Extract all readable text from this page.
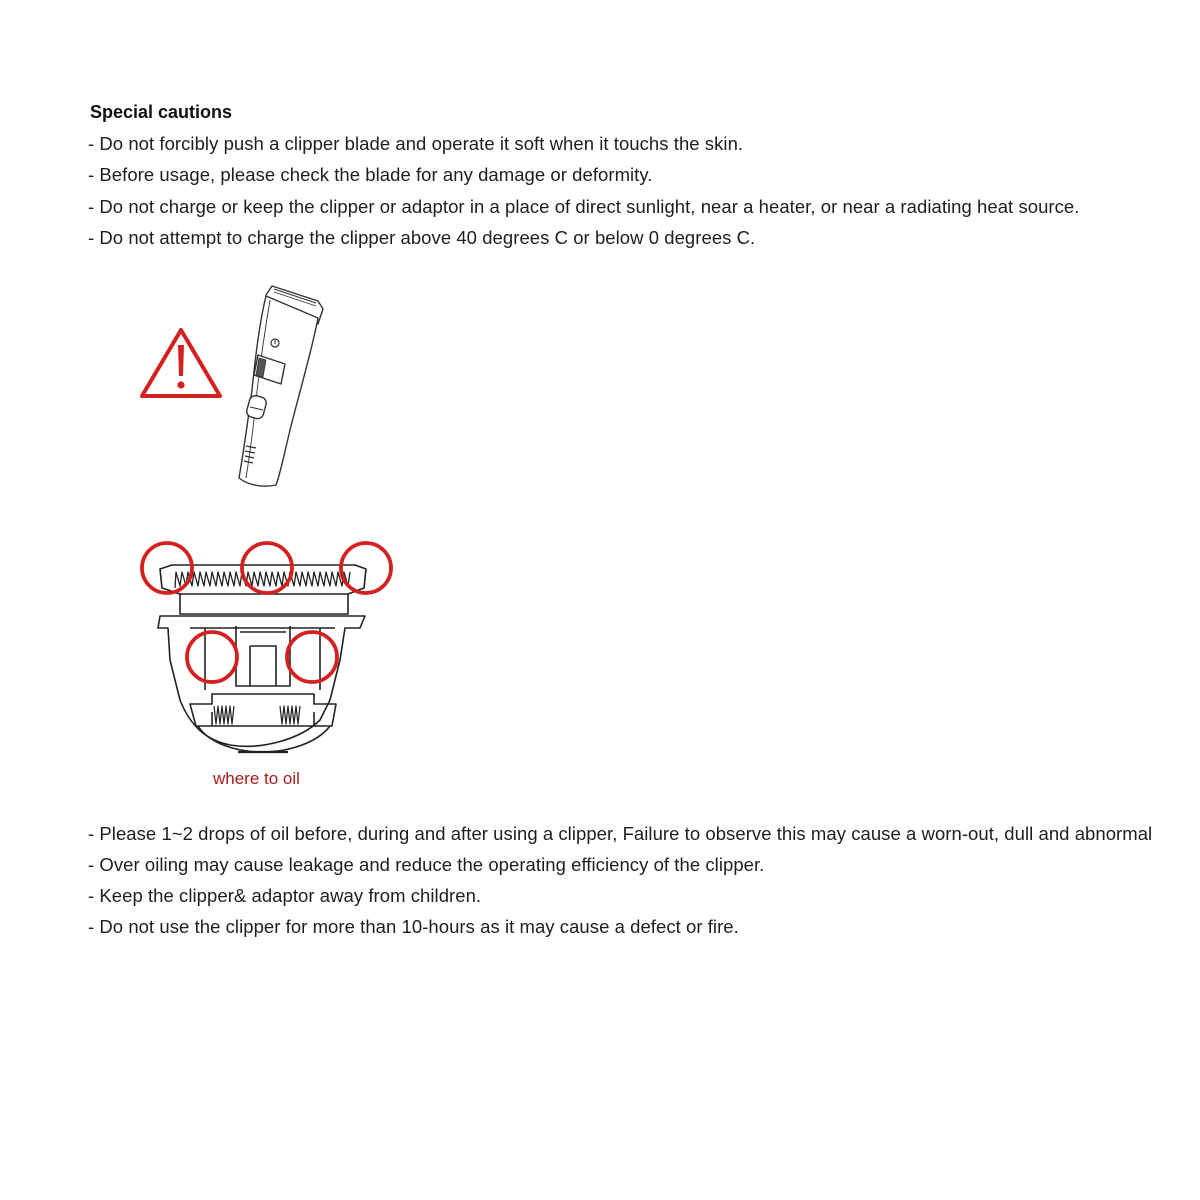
Special cautions
- Do not forcibly push a clipper blade and operate it soft when it touchs the skin.
- Before usage, please check the blade for any damage or deformity.
- Do not charge or keep the clipper or adaptor in a place of direct sunlight, near a heater, or near a radiating heat source.
- Do not attempt to charge the clipper above 40 degrees C or below 0 degrees C.
where to oil
- Please 1~2 drops of oil before, during and after using a clipper, Failure to observe this may cause a worn-out, dull and abnormal
- Over oiling may cause leakage and reduce the operating efficiency of the clipper.
- Keep the clipper& adaptor away from children.
- Do not use the clipper for more than 10-hours as it may cause a defect or fire.
